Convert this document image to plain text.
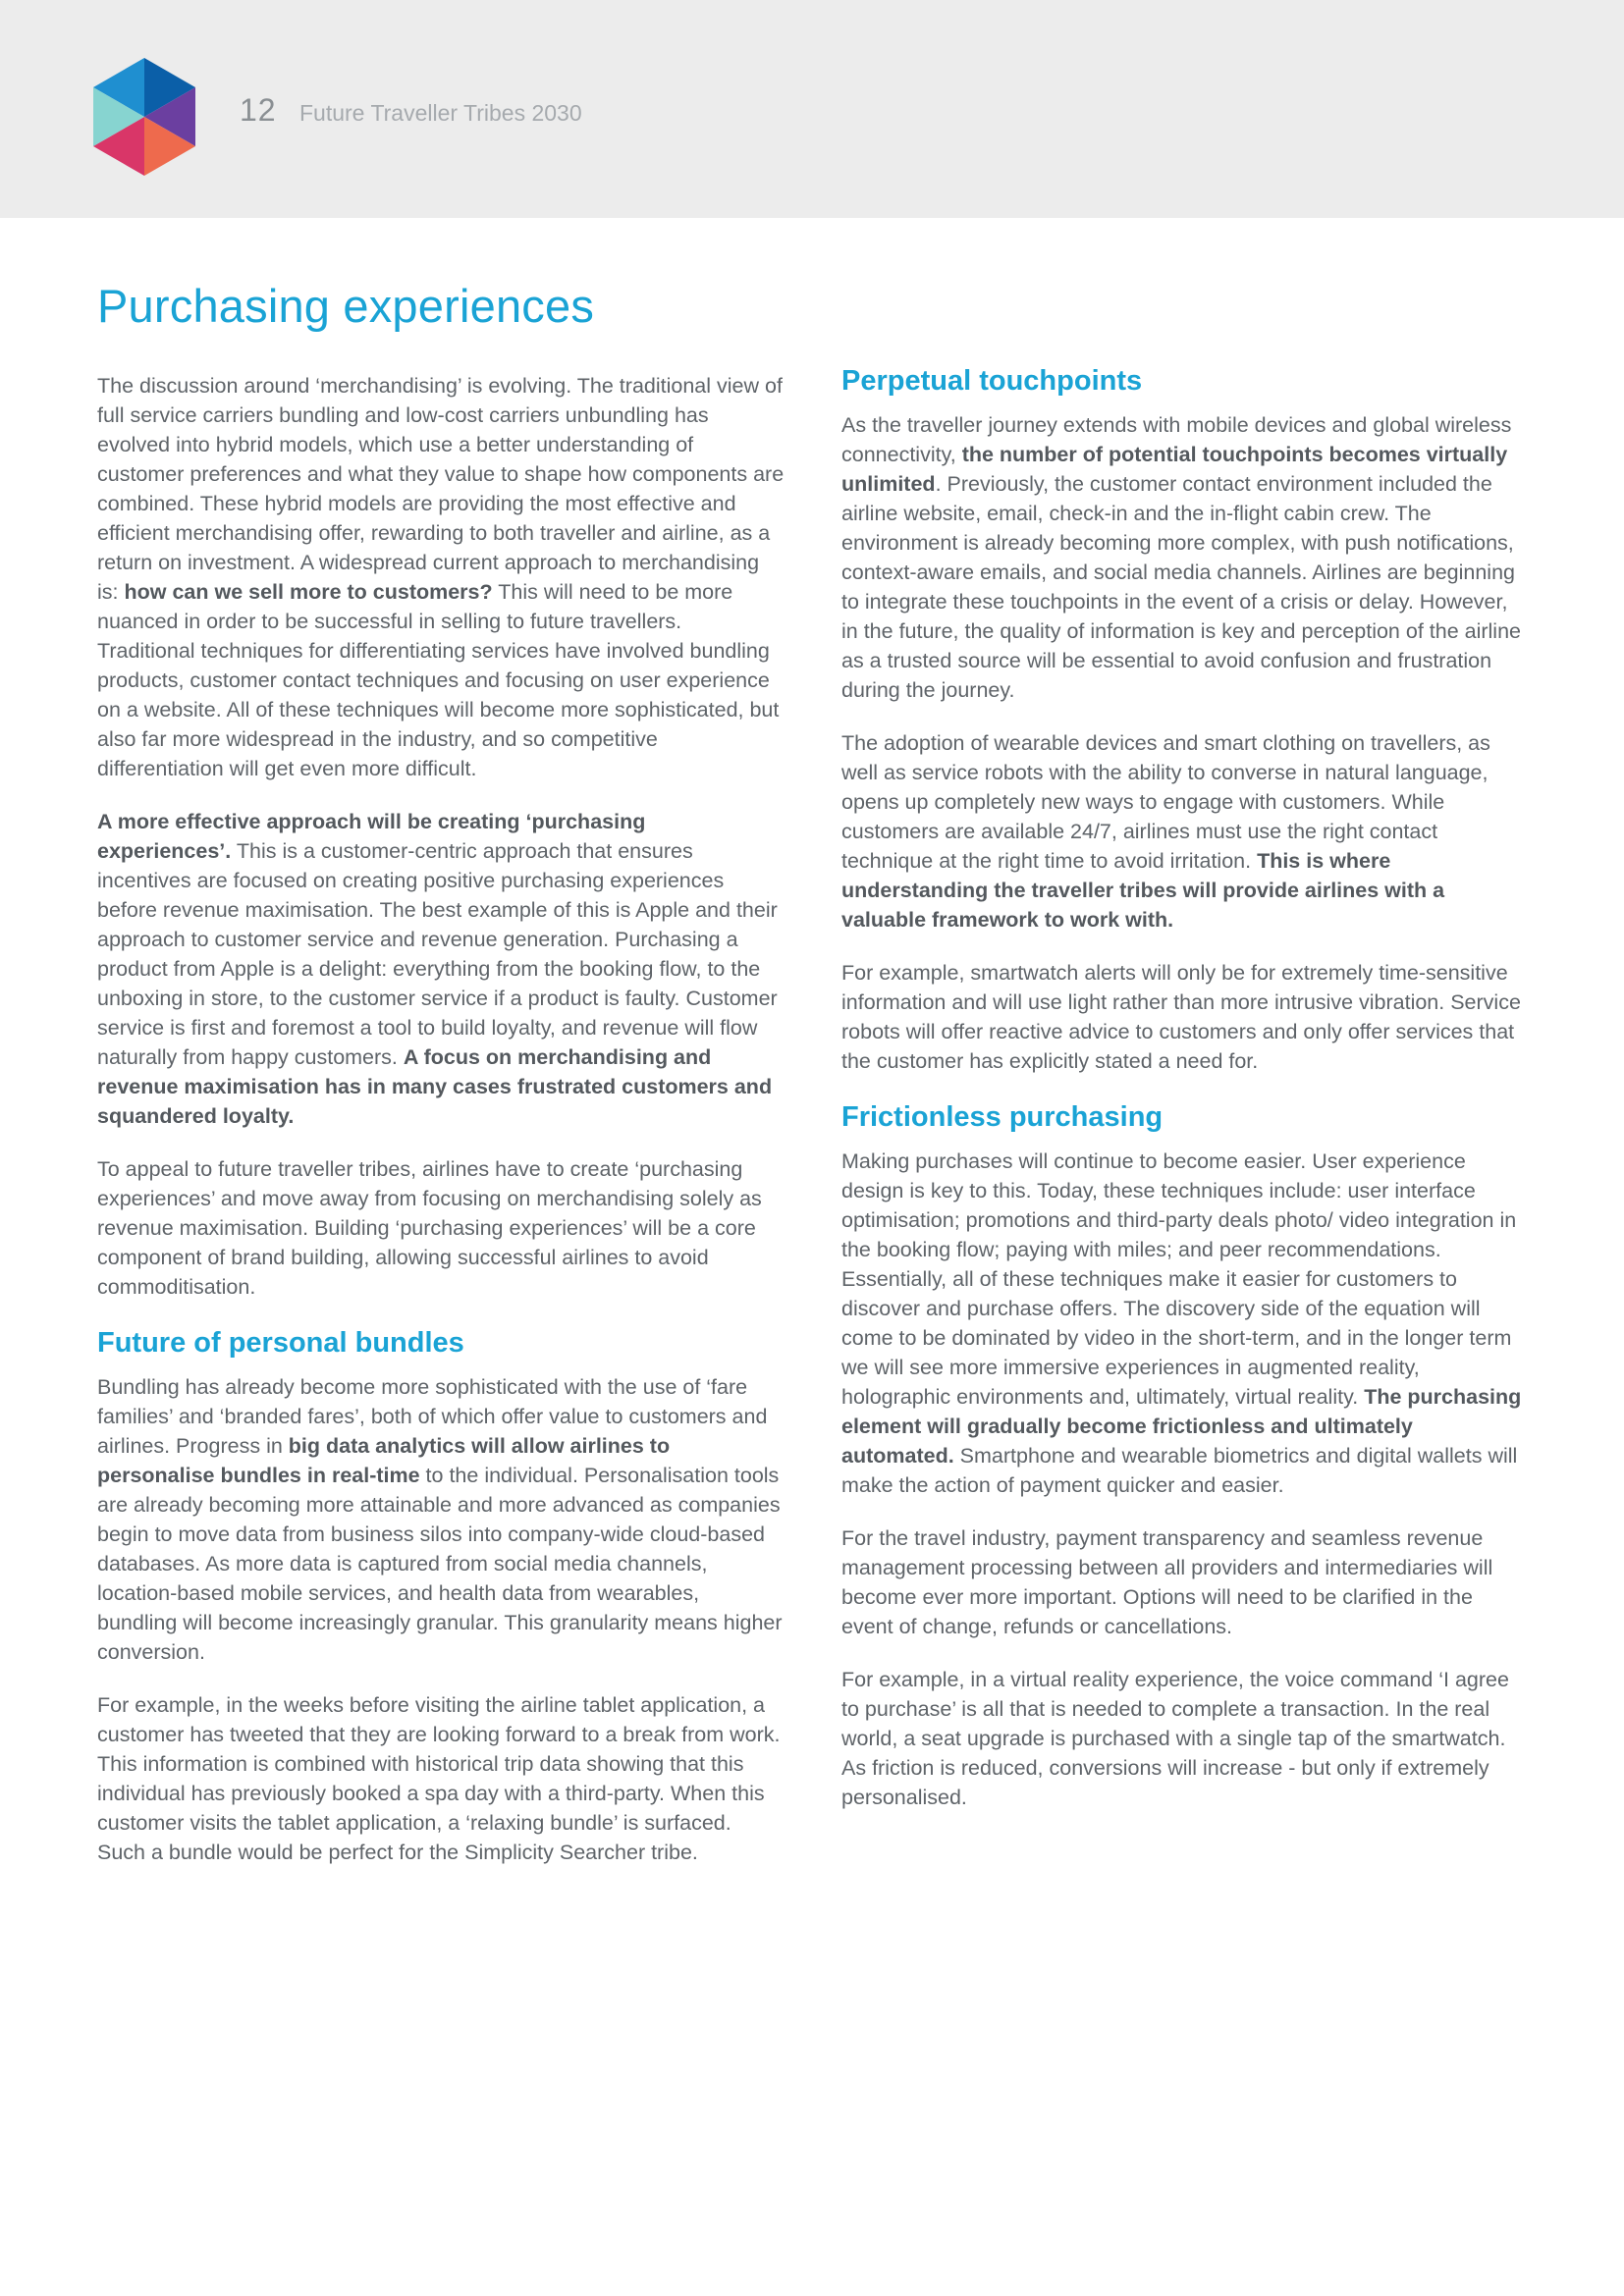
12 Future Traveller Tribes 2030
Purchasing experiences

The discussion around ‘merchandising’ is evolving. The traditional view of full service carriers bundling and low-cost carriers unbundling has evolved into hybrid models, which use a better understanding of customer preferences and what they value to shape how components are combined. These hybrid models are providing the most effective and efficient merchandising offer, rewarding to both traveller and airline, as a return on investment. A widespread current approach to merchandising is: how can we sell more to customers? This will need to be more nuanced in order to be successful in selling to future travellers. Traditional techniques for differentiating services have involved bundling products, customer contact techniques and focusing on user experience on a website. All of these techniques will become more sophisticated, but also far more widespread in the industry, and so competitive differentiation will get even more difficult.

A more effective approach will be creating ‘purchasing experiences’. This is a customer-centric approach that ensures incentives are focused on creating positive purchasing experiences before revenue maximisation. The best example of this is Apple and their approach to customer service and revenue generation. Purchasing a product from Apple is a delight: everything from the booking flow, to the unboxing in store, to the customer service if a product is faulty. Customer service is first and foremost a tool to build loyalty, and revenue will flow naturally from happy customers. A focus on merchandising and revenue maximisation has in many cases frustrated customers and squandered loyalty.

To appeal to future traveller tribes, airlines have to create ‘purchasing experiences’ and move away from focusing on merchandising solely as revenue maximisation. Building ‘purchasing experiences’ will be a core component of brand building, allowing successful airlines to avoid commoditisation.

Future of personal bundles

Bundling has already become more sophisticated with the use of ‘fare families’ and ‘branded fares’, both of which offer value to customers and airlines. Progress in big data analytics will allow airlines to personalise bundles in real-time to the individual. Personalisation tools are already becoming more attainable and more advanced as companies begin to move data from business silos into company-wide cloud-based databases. As more data is captured from social media channels, location-based mobile services, and health data from wearables, bundling will become increasingly granular. This granularity means higher conversion.

For example, in the weeks before visiting the airline tablet application, a customer has tweeted that they are looking forward to a break from work. This information is combined with historical trip data showing that this individual has previously booked a spa day with a third-party. When this customer visits the tablet application, a ‘relaxing bundle’ is surfaced. Such a bundle would be perfect for the Simplicity Searcher tribe.

Perpetual touchpoints

As the traveller journey extends with mobile devices and global wireless connectivity, the number of potential touchpoints becomes virtually unlimited. Previously, the customer contact environment included the airline website, email, check-in and the in-flight cabin crew. The environment is already becoming more complex, with push notifications, context-aware emails, and social media channels. Airlines are beginning to integrate these touchpoints in the event of a crisis or delay. However, in the future, the quality of information is key and perception of the airline as a trusted source will be essential to avoid confusion and frustration during the journey.

The adoption of wearable devices and smart clothing on travellers, as well as service robots with the ability to converse in natural language, opens up completely new ways to engage with customers. While customers are available 24/7, airlines must use the right contact technique at the right time to avoid irritation. This is where understanding the traveller tribes will provide airlines with a valuable framework to work with.

For example, smartwatch alerts will only be for extremely time-sensitive information and will use light rather than more intrusive vibration. Service robots will offer reactive advice to customers and only offer services that the customer has explicitly stated a need for.

Frictionless purchasing

Making purchases will continue to become easier. User experience design is key to this. Today, these techniques include: user interface optimisation; promotions and third-party deals photo/ video integration in the booking flow; paying with miles; and peer recommendations. Essentially, all of these techniques make it easier for customers to discover and purchase offers. The discovery side of the equation will come to be dominated by video in the short-term, and in the longer term we will see more immersive experiences in augmented reality, holographic environments and, ultimately, virtual reality. The purchasing element will gradually become frictionless and ultimately automated. Smartphone and wearable biometrics and digital wallets will make the action of payment quicker and easier.

For the travel industry, payment transparency and seamless revenue management processing between all providers and intermediaries will become ever more important. Options will need to be clarified in the event of change, refunds or cancellations.

For example, in a virtual reality experience, the voice command ‘I agree to purchase’ is all that is needed to complete a transaction. In the real world, a seat upgrade is purchased with a single tap of the smartwatch. As friction is reduced, conversions will increase - but only if extremely personalised.
